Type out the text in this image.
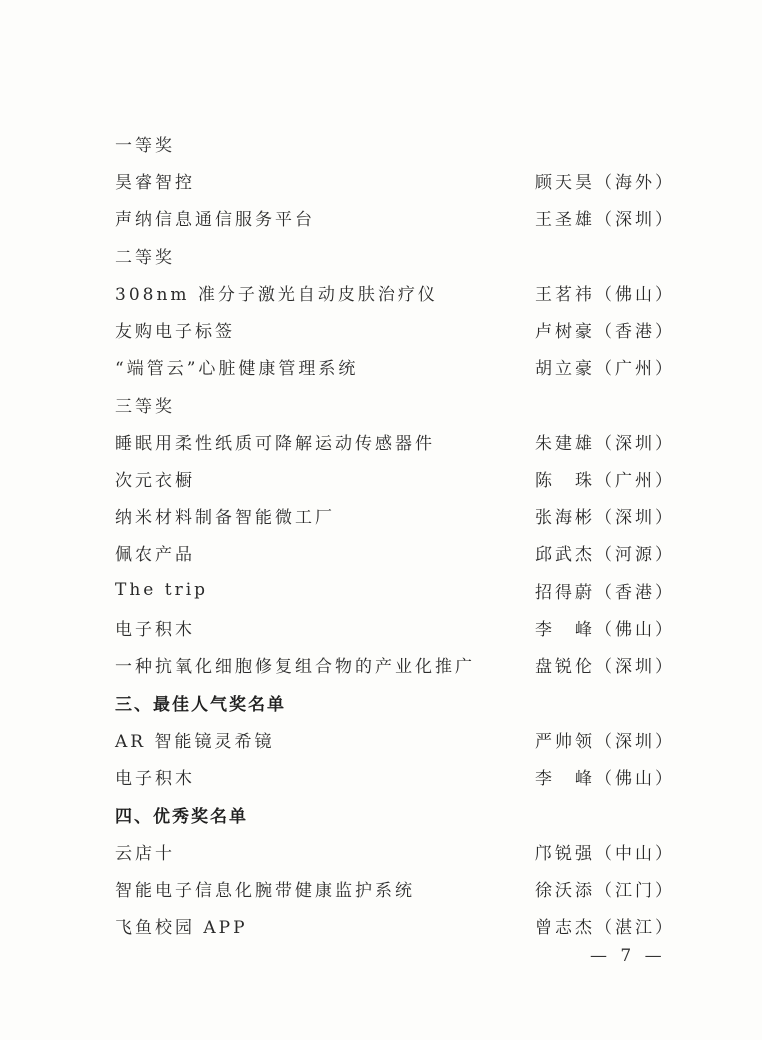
一等奖
昊睿智控	顾天昊（海外）
声纳信息通信服务平台	王圣雄（深圳）
二等奖
308nm 准分子激光自动皮肤治疗仪	王茗祎（佛山）
友购电子标签	卢树豪（香港）
“端管云”心脏健康管理系统	胡立豪（广州）
三等奖
睡眠用柔性纸质可降解运动传感器件	朱建雄（深圳）
次元衣橱	陈　珠（广州）
纳米材料制备智能微工厂	张海彬（深圳）
佩农产品	邱武杰（河源）
The trip	招得蔚（香港）
电子积木	李　峰（佛山）
一种抗氧化细胞修复组合物的产业化推广	盘锐伦（深圳）
三、最佳人气奖名单
AR 智能镜灵希镜	严帅领（深圳）
电子积木	李　峰（佛山）
四、优秀奖名单
云店十	邝锐强（中山）
智能电子信息化腕带健康监护系统	徐沃添（江门）
飞鱼校园 APP	曾志杰（湛江）
— 7 —
